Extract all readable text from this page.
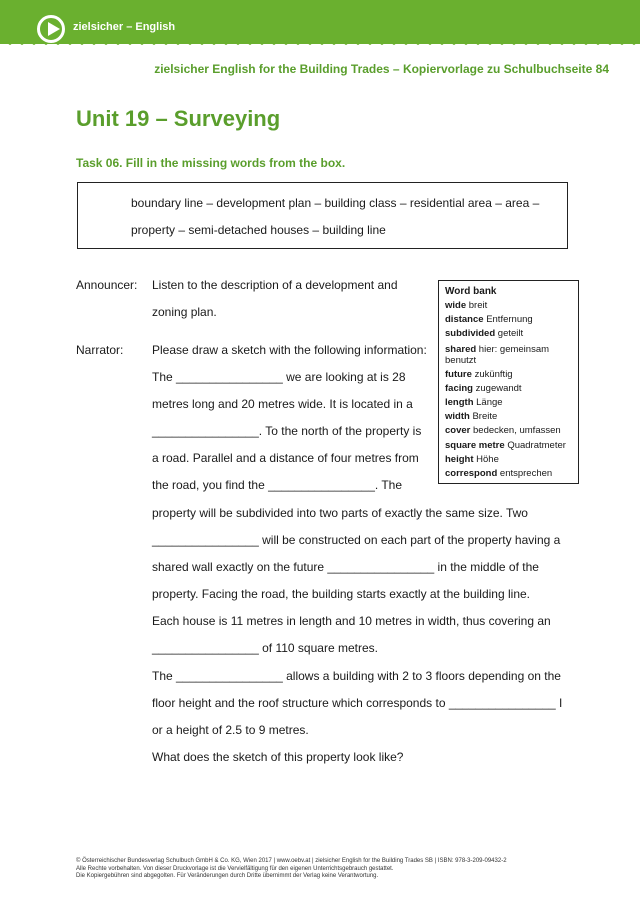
zielsicher – English
zielsicher English for the Building Trades – Kopiervorlage zu Schulbuchseite 84
Unit 19 – Surveying
Task 06. Fill in the missing words from the box.
boundary line – development plan – building class – residential area – area –
property – semi-detached houses – building line
Announcer:
Narrator:
Listen to the description of a development and
zoning plan.
Please draw a sketch with the following information:
The ________________ we are looking at is 28
metres long and 20 metres wide. It is located in a
________________. To the north of the property is
a road. Parallel and a distance of four metres from
the road, you find the ________________. The
property will be subdivided into two parts of exactly the same size. Two
________________ will be constructed on each part of the property having a
shared wall exactly on the future ________________ in the middle of the
property. Facing the road, the building starts exactly at the building line.
Each house is 11 metres in length and 10 metres in width, thus covering an
________________ of 110 square metres.
The ________________ allows a building with 2 to 3 floors depending on the
floor height and the roof structure which corresponds to ________________ I
or a height of 2.5 to 9 metres.
What does the sketch of this property look like?
Word bank
wide breit
distance Entfernung
subdivided geteilt
shared hier: gemeinsam benutzt
future zukünftig
facing zugewandt
length Länge
width Breite
cover bedecken, umfassen
square metre Quadratmeter
height Höhe
correspond entsprechen
© Österreichischer Bundesverlag Schulbuch GmbH & Co. KG, Wien 2017 | www.oebv.at | zielsicher English for the Building Trades SB | ISBN: 978-3-209-09432-2
Alle Rechte vorbehalten. Von dieser Druckvorlage ist die Vervielfältigung für den eigenen Unterrichtsgebrauch gestattet.
Die Kopiergebühren sind abgegolten. Für Veränderungen durch Dritte übernimmt der Verlag keine Verantwortung.
